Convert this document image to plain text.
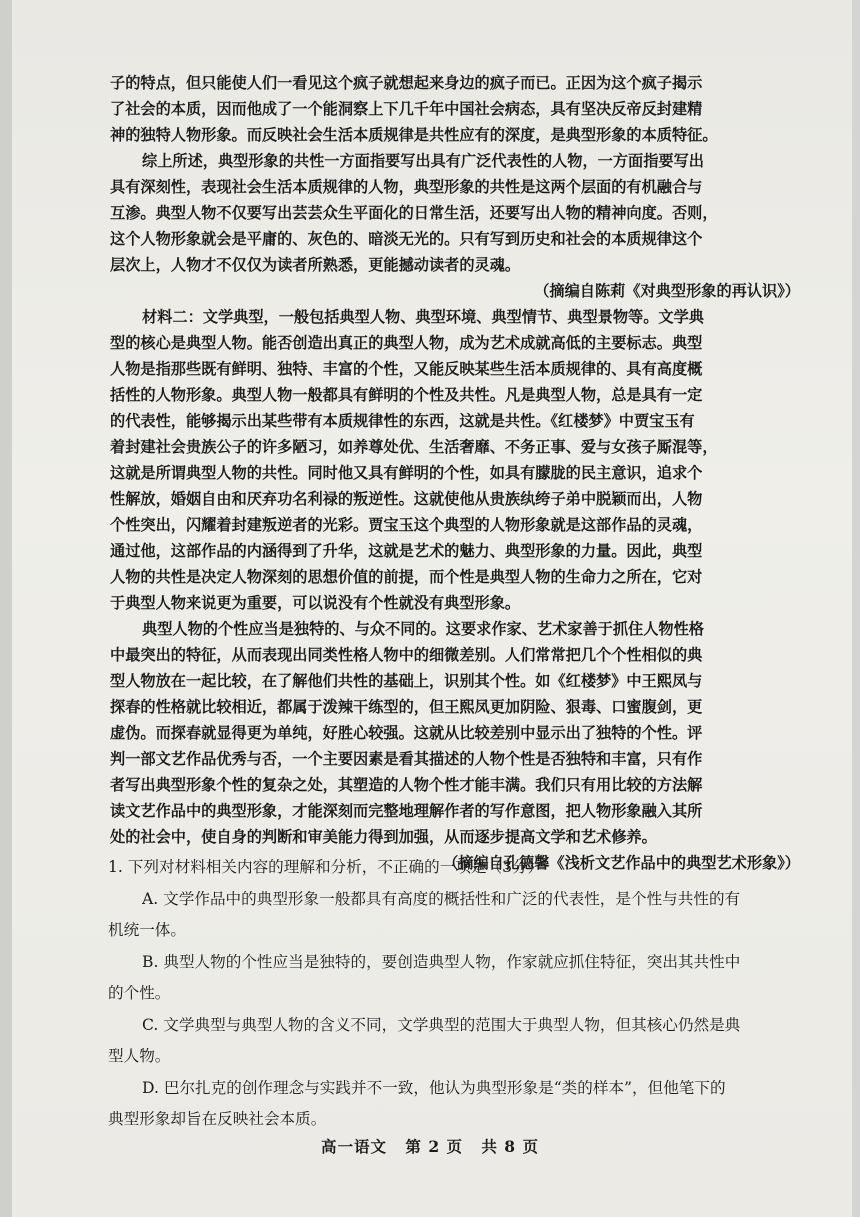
子的特点，但只能使人们一看见这个疯子就想起来身边的疯子而已。正因为这个疯子揭示
了社会的本质，因而他成了一个能洞察上下几千年中国社会病态，具有坚决反帝反封建精
神的独特人物形象。而反映社会生活本质规律是共性应有的深度，是典型形象的本质特征。
综上所述，典型形象的共性一方面指要写出具有广泛代表性的人物，一方面指要写出
具有深刻性，表现社会生活本质规律的人物，典型形象的共性是这两个层面的有机融合与
互渗。典型人物不仅要写出芸芸众生平面化的日常生活，还要写出人物的精神向度。否则，
这个人物形象就会是平庸的、灰色的、暗淡无光的。只有写到历史和社会的本质规律这个
层次上，人物才不仅仅为读者所熟悉，更能撼动读者的灵魂。
（摘编自陈莉《对典型形象的再认识》）
材料二：文学典型，一般包括典型人物、典型环境、典型情节、典型景物等。文学典
型的核心是典型人物。能否创造出真正的典型人物，成为艺术成就高低的主要标志。典型
人物是指那些既有鲜明、独特、丰富的个性，又能反映某些生活本质规律的、具有高度概
括性的人物形象。典型人物一般都具有鲜明的个性及共性。凡是典型人物，总是具有一定
的代表性，能够揭示出某些带有本质规律性的东西，这就是共性。《红楼梦》中贾宝玉有
着封建社会贵族公子的许多陋习，如养尊处优、生活奢靡、不务正事、爱与女孩子厮混等，
这就是所谓典型人物的共性。同时他又具有鲜明的个性，如具有朦胧的民主意识，追求个
性解放，婚姻自由和厌弃功名利禄的叛逆性。这就使他从贵族纨绔子弟中脱颖而出，人物
个性突出，闪耀着封建叛逆者的光彩。贾宝玉这个典型的人物形象就是这部作品的灵魂，
通过他，这部作品的内涵得到了升华，这就是艺术的魅力、典型形象的力量。因此，典型
人物的共性是决定人物深刻的思想价值的前提，而个性是典型人物的生命力之所在，它对
于典型人物来说更为重要，可以说没有个性就没有典型形象。
典型人物的个性应当是独特的、与众不同的。这要求作家、艺术家善于抓住人物性格
中最突出的特征，从而表现出同类性格人物中的细微差别。人们常常把几个个性相似的典
型人物放在一起比较，在了解他们共性的基础上，识别其个性。如《红楼梦》中王熙凤与
探春的性格就比较相近，都属于泼辣干练型的，但王熙凤更加阴险、狠毒、口蜜腹剑，更
虚伪。而探春就显得更为单纯，好胜心较强。这就从比较差别中显示出了独特的个性。评
判一部文艺作品优秀与否，一个主要因素是看其描述的人物个性是否独特和丰富，只有作
者写出典型形象个性的复杂之处，其塑造的人物个性才能丰满。我们只有用比较的方法解
读文艺作品中的典型形象，才能深刻而完整地理解作者的写作意图，把人物形象融入其所
处的社会中，使自身的判断和审美能力得到加强，从而逐步提高文学和艺术修养。
（摘编自孔德馨《浅析文艺作品中的典型艺术形象》）
1. 下列对材料相关内容的理解和分析，不正确的一项是（3分）
A. 文学作品中的典型形象一般都具有高度的概括性和广泛的代表性，是个性与共性的有
机统一体。
B. 典型人物的个性应当是独特的，要创造典型人物，作家就应抓住特征，突出其共性中
的个性。
C. 文学典型与典型人物的含义不同，文学典型的范围大于典型人物，但其核心仍然是典
型人物。
D. 巴尔扎克的创作理念与实践并不一致，他认为典型形象是“类的样本”，但他笔下的
典型形象却旨在反映社会本质。
高一语文 第 2 页 共 8 页
